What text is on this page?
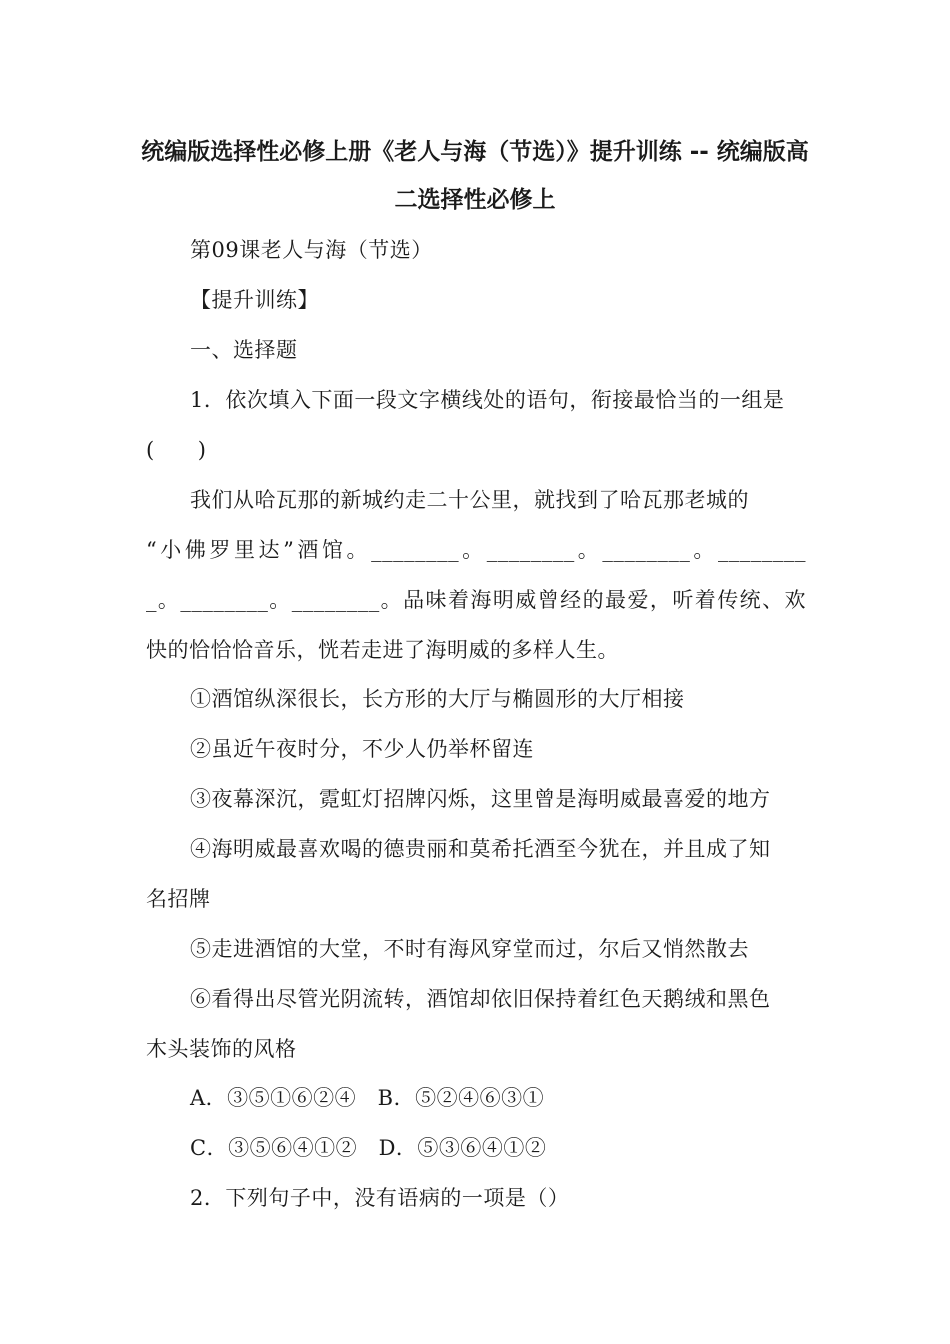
统编版选择性必修上册《老人与海（节选）》提升训练 -- 统编版高
二选择性必修上
第09课老人与海（节选）
【提升训练】
一、选择题
1．依次填入下面一段文字横线处的语句，衔接最恰当的一组是
(　　)
我们从哈瓦那的新城约走二十公里，就找到了哈瓦那老城的
“小佛罗里达”酒馆。________。________。________。________
_。________。________。品味着海明威曾经的最爱，听着传统、欢
快的恰恰恰音乐，恍若走进了海明威的多样人生。
①酒馆纵深很长，长方形的大厅与椭圆形的大厅相接
②虽近午夜时分，不少人仍举杯留连
③夜幕深沉，霓虹灯招牌闪烁，这里曾是海明威最喜爱的地方
④海明威最喜欢喝的德贵丽和莫希托酒至今犹在，并且成了知
名招牌
⑤走进酒馆的大堂，不时有海风穿堂而过，尔后又悄然散去
⑥看得出尽管光阴流转，酒馆却依旧保持着红色天鹅绒和黑色
木头装饰的风格
A．③⑤①⑥②④　B．⑤②④⑥③①
C．③⑤⑥④①②　D．⑤③⑥④①②
2．下列句子中，没有语病的一项是（）
